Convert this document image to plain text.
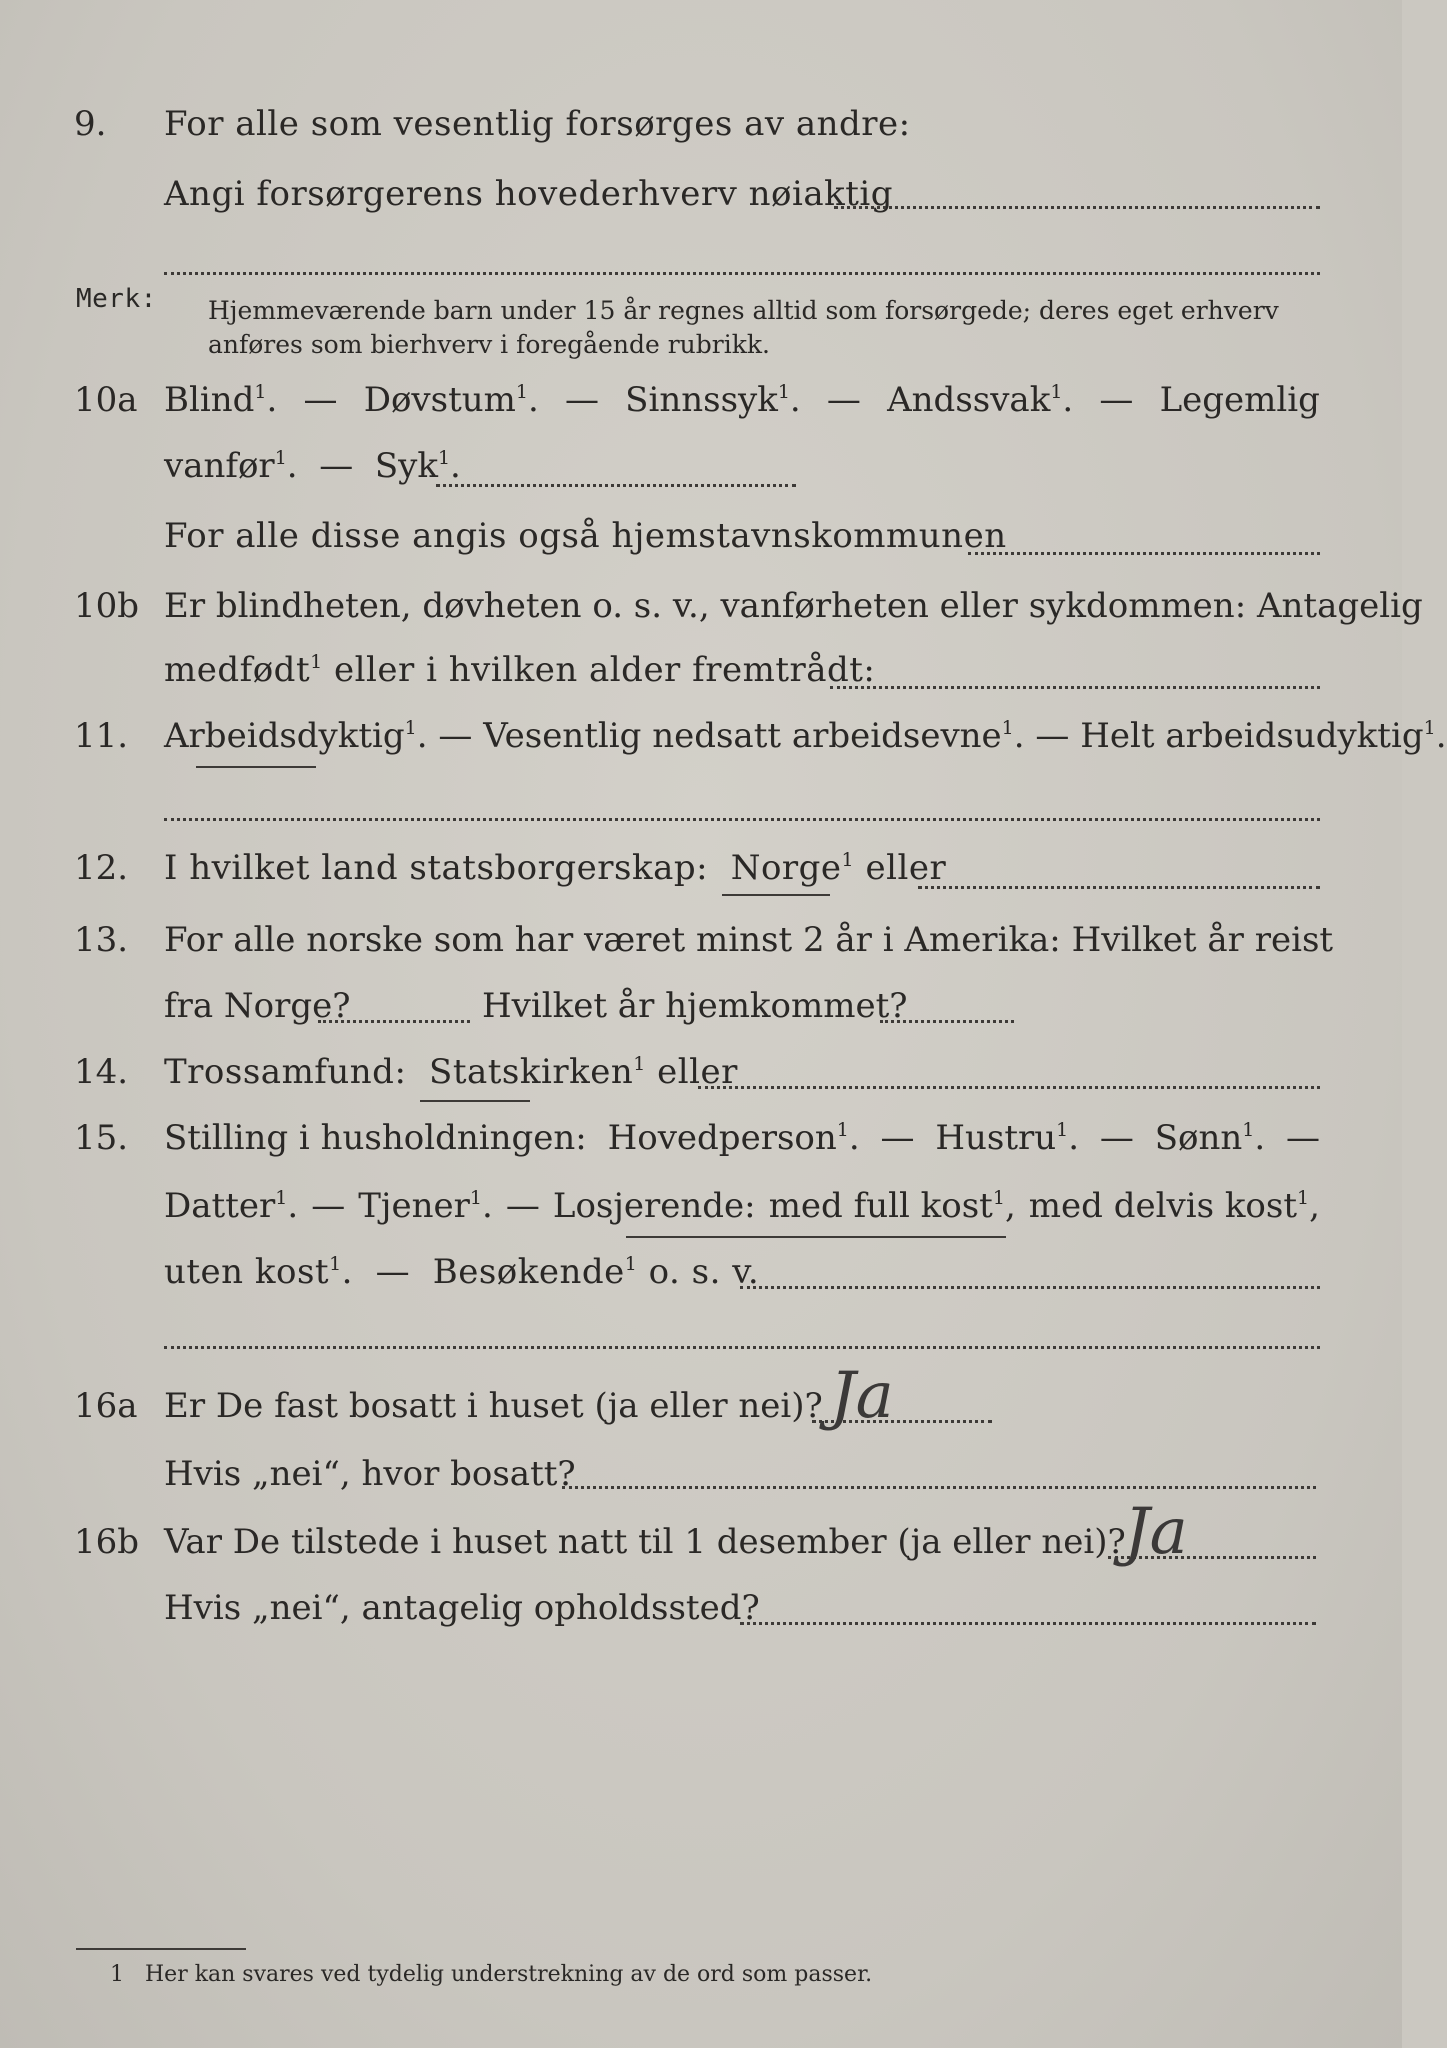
9.	For alle som vesentlig forsørges av andre:
Angi forsørgerens hovederhverv nøiaktig
Merk: Hjemmeværende barn under 15 år regnes alltid som forsørgede; deres eget erhverv
anføres som bierhverv i foregående rubrikk.
10a Blind$^1$. — Døvstum$^1$. — Sinnssyk$^1$. — Andssvak$^1$. — Legemlig
vanfør$^1$.  —  Syk$^1$.
For alle disse angis også hjemstavnskommunen
10b Er blindheten, døvheten o. s. v., vanførheten eller sykdommen: Antagelig
medfødt$^1$ eller i hvilken alder fremtrådt:
11.	Arbeidsdyktig$^1$. — Vesentlig nedsatt arbeidsevne$^1$. — Helt arbeidsudyktig$^1$.
12.	I hvilket land statsborgerskap: Norge$^1$ eller
13.	For alle norske som har været minst 2 år i Amerika: Hvilket år reist
fra Norge?	Hvilket år hjemkommet?
14.	Trossamfund: Statskirken$^1$ eller
15.	Stilling i husholdningen: Hovedperson$^1$. — Hustru$^1$. — Sønn$^1$. —
Datter$^1$. — Tjener$^1$. — Losjerende: med full kost$^1$, med delvis kost$^1$,
uten kost$^1$.  —  Besøkende$^1$ o. s. v.
16a Er De fast bosatt i huset (ja eller nei)? Ja
Hvis „nei“, hvor bosatt?
16b Var De tilstede i huset natt til 1 desember (ja eller nei)?
Ja
Hvis „nei“, antagelig opholdssted?
1 Her kan svares ved tydelig understrekning av de ord som passer.
